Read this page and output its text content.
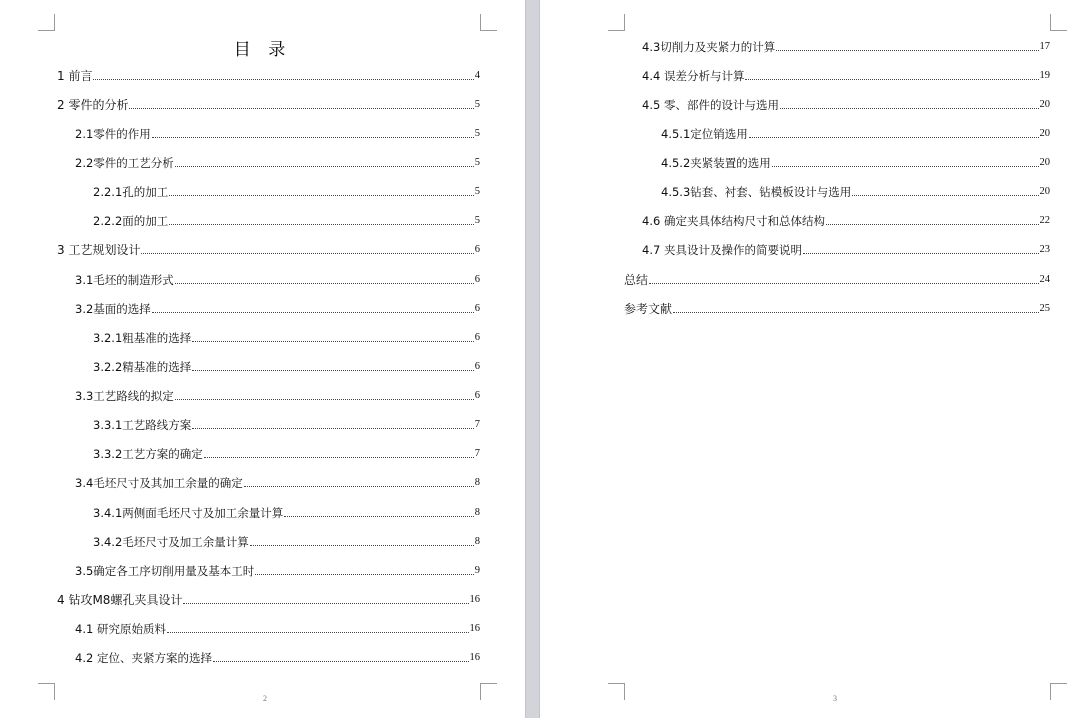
目 录
1 前言	4
2 零件的分析	5
2.1零件的作用	5
2.2零件的工艺分析	5
2.2.1孔的加工	5
2.2.2面的加工	5
3 工艺规划设计	6
3.1毛坯的制造形式	6
3.2基面的选择	6
3.2.1粗基准的选择	6
3.2.2精基准的选择	6
3.3工艺路线的拟定	6
3.3.1工艺路线方案	7
3.3.2工艺方案的确定	7
3.4毛坯尺寸及其加工余量的确定	8
3.4.1两侧面毛坯尺寸及加工余量计算	8
3.4.2毛坯尺寸及加工余量计算	8
3.5确定各工序切削用量及基本工时	9
4 钻攻M8螺孔夹具设计	16
4.1 研究原始质料	16
4.2 定位、夹紧方案的选择	16
2
4.3切削力及夹紧力的计算	17
4.4 误差分析与计算	19
4.5 零、部件的设计与选用	20
4.5.1定位销选用	20
4.5.2夹紧装置的选用	20
4.5.3钻套、衬套、钻模板设计与选用	20
4.6 确定夹具体结构尺寸和总体结构	22
4.7 夹具设计及操作的简要说明	23
总结	24
参考文献	25
3
